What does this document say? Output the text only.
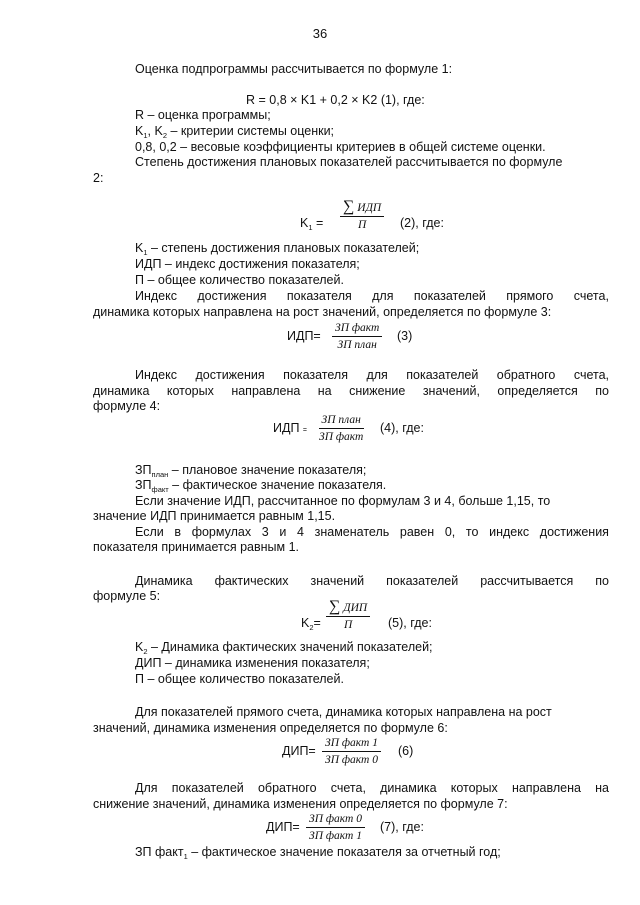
36
Оценка подпрограммы рассчитывается по формуле 1:
R = 0,8 × K1 + 0,2 × K2 (1), где:
R – оценка программы;
$K_1$, $K_2$ – критерии системы оценки;
0,8, 0,2 – весовые коэффициенты критериев в общей системе оценки.
Степень достижения плановых показателей рассчитывается по формуле
2:
$K_1$ =
∑ ИДП
П	(2), где:
$K_1$ – степень достижения плановых показателей;
ИДП – индекс достижения показателя;
П – общее количество показателей.
Индекс достижения показателя для показателей прямого счета,
динамика которых направлена на рост значений, определяется по формуле 3:
ИДП=
ЗП факт
ЗП план
(3)
Индекс достижения показателя для показателей обратного счета,
динамика которых направлена на снижение значений, определяется по
формуле 4:
ИДП =
ЗП план
ЗП факт
(4), где:
$ЗП_{план}$ – плановое значение показателя;
$ЗП_{факт}$ – фактическое значение показателя.
Если значение ИДП, рассчитанное по формулам 3 и 4, больше 1,15, то
значение ИДП принимается равным 1,15.
Если в формулах 3 и 4 знаменатель равен 0, то индекс достижения
показателя принимается равным 1.
Динамика фактических значений показателей рассчитывается по
формуле 5:
$K_2=$
∑ ДИП
П	(5), где:
$K_2$ – Динамика фактических значений показателей;
ДИП – динамика изменения показателя;
П – общее количество показателей.
Для показателей прямого счета, динамика которых направлена на рост
значений, динамика изменения определяется по формуле 6:
ДИП=
ЗП факт 1
ЗП факт 0
(6)
Для показателей обратного счета, динамика которых направлена на
снижение значений, динамика изменения определяется по формуле 7:
ДИП=
ЗП факт 0
ЗП факт 1
(7), где:
ЗП факт$_1$ – фактическое значение показателя за отчетный год;
